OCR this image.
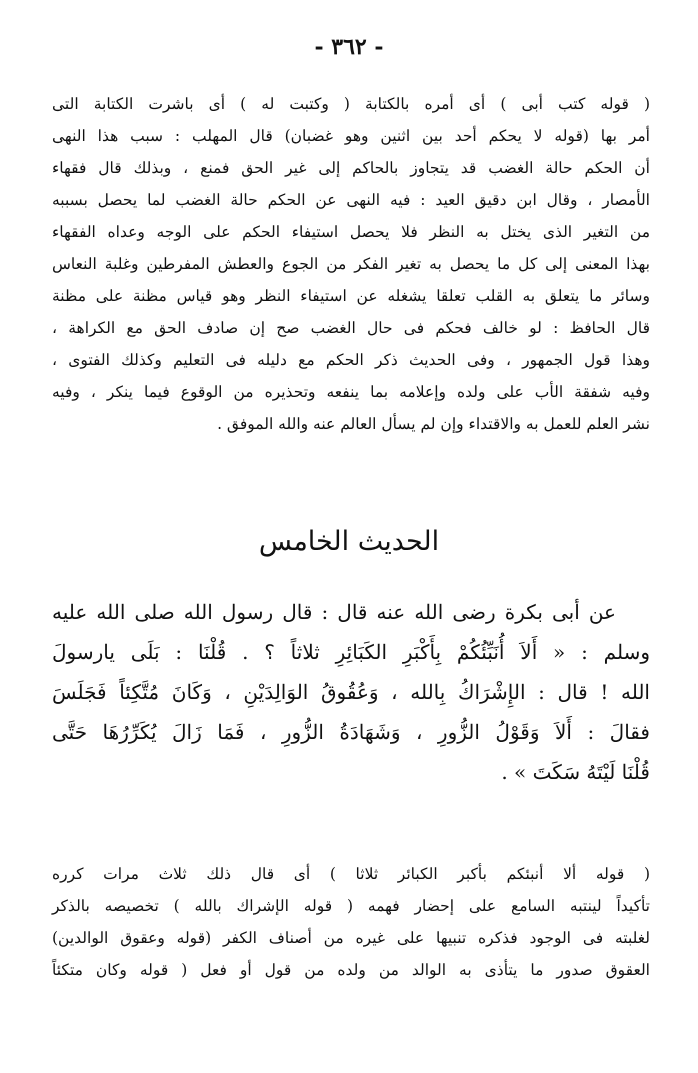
- ٣٦٢ -
( قوله كتب أبى ) أى أمره بالكتابة ( وكتبت له ) أى باشرت الكتابة التى
أمر بها (قوله لا يحكم أحد بين اثنين وهو غضبان) قال المهلب : سبب هذا النهى
أن الحكم حالة الغضب قد يتجاوز بالحاكم إلى غير الحق فمنع ، وبذلك قال فقهاء
الأمصار ، وقال ابن دقيق العيد : فيه النهى عن الحكم حالة الغضب لما يحصل بسببه
من التغير الذى يختل به النظر فلا يحصل استيفاء الحكم على الوجه وعداه الفقهاء
بهذا المعنى إلى كل ما يحصل به تغير الفكر من الجوع والعطش المفرطين وغلبة النعاس
وسائر ما يتعلق به القلب تعلقا يشغله عن استيفاء النظر وهو قياس مظنة على مظنة
قال الحافظ : لو خالف فحكم فى حال الغضب صح إن صادف الحق مع الكراهة ،
وهذا قول الجمهور ، وفى الحديث ذكر الحكم مع دليله فى التعليم وكذلك الفتوى ،
وفيه شفقة الأب على ولده وإعلامه بما ينفعه وتحذيره من الوقوع فيما ينكر ، وفيه
نشر العلم للعمل به والاقتداء وإن لم يسأل العالم عنه والله الموفق .
الحديث الخامس
عن أبى بكرة رضى الله عنه قال : قال رسول الله صلى الله عليه
وسلم : « أَلاَ أُنَبِّئُكُمْ بِأَكْبَرِ الكَبَائِرِ ثلاثاً ؟ . قُلْنَا : بَلَى يارسولَ
الله ! قال : الإِشْرَاكُ بِالله ، وَعُقُوقُ الوَالِدَيْنِ ، وَكَانَ مُتَّكِئاً فَجَلَسَ
فقالَ : أَلاَ وَقَوْلُ الزُّورِ ، وَشَهَادَةُ الزُّورِ ، فَمَا زَالَ يُكَرِّرُهَا حَتَّى
قُلْنَا لَيْتَهُ سَكَتَ » .
( قوله ألا أنبئكم بأكبر الكبائر ثلاثا ) أى قال ذلك ثلاث مرات كرره
تأكيداً لينتبه السامع على إحضار فهمه ( قوله الإشراك بالله ) تخصيصه بالذكر
لغلبته فى الوجود فذكره تنبيها على غيره من أصناف الكفر (قوله وعقوق الوالدين)
العقوق صدور ما يتأذى به الوالد من ولده من قول أو فعل ( قوله وكان متكئاً
